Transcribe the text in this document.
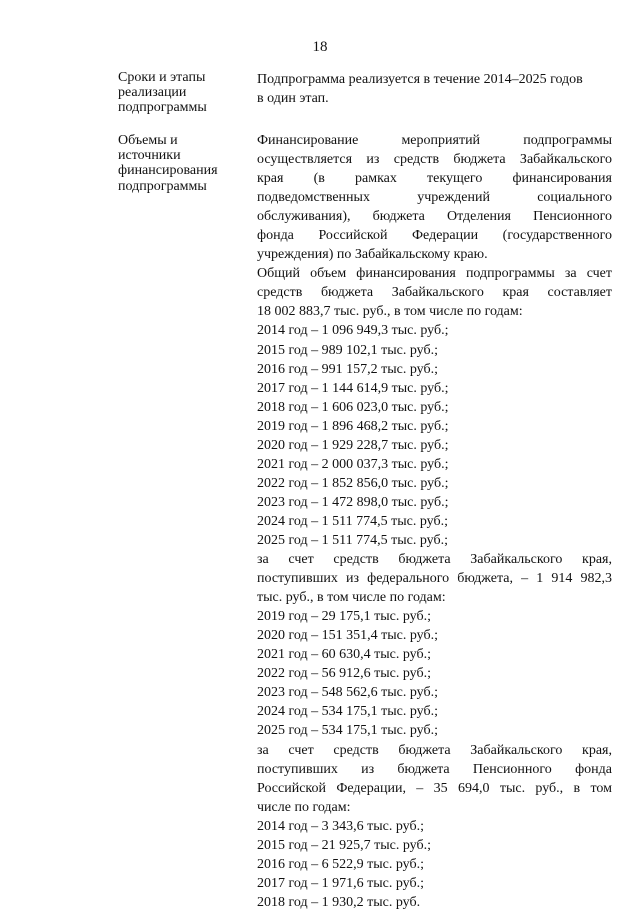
18
Сроки и этапы
реализации
подпрограммы
Подпрограмма реализуется в течение 2014–2025 годов
в один этап.
Объемы и
источники
финансирования
подпрограммы
Финансирование мероприятий подпрограммы
осуществляется из средств бюджета Забайкальского
края (в рамках текущего финансирования
подведомственных учреждений социального
обслуживания), бюджета Отделения Пенсионного
фонда Российской Федерации (государственного
учреждения) по Забайкальскому краю.
Общий объем финансирования подпрограммы за счет
средств бюджета Забайкальского края составляет
18 002 883,7 тыс. руб., в том числе по годам:
2014 год – 1 096 949,3 тыс. руб.;
2015 год – 989 102,1 тыс. руб.;
2016 год – 991 157,2 тыс. руб.;
2017 год – 1 144 614,9 тыс. руб.;
2018 год – 1 606 023,0 тыс. руб.;
2019 год – 1 896 468,2 тыс. руб.;
2020 год – 1 929 228,7 тыс. руб.;
2021 год – 2 000 037,3 тыс. руб.;
2022 год – 1 852 856,0 тыс. руб.;
2023 год – 1 472 898,0 тыс. руб.;
2024 год – 1 511 774,5 тыс. руб.;
2025 год – 1 511 774,5 тыс. руб.;
за счет средств бюджета Забайкальского края,
поступивших из федерального бюджета, – 1 914 982,3
тыс. руб., в том числе по годам:
2019 год – 29 175,1 тыс. руб.;
2020 год – 151 351,4 тыс. руб.;
2021 год – 60 630,4 тыс. руб.;
2022 год – 56 912,6 тыс. руб.;
2023 год – 548 562,6 тыс. руб.;
2024 год – 534 175,1 тыс. руб.;
2025 год – 534 175,1 тыс. руб.;
за счет средств бюджета Забайкальского края,
поступивших из бюджета Пенсионного фонда
Российской Федерации, – 35 694,0 тыс. руб., в том
числе по годам:
2014 год – 3 343,6 тыс. руб.;
2015 год – 21 925,7 тыс. руб.;
2016 год – 6 522,9 тыс. руб.;
2017 год – 1 971,6 тыс. руб.;
2018 год – 1 930,2 тыс. руб.
